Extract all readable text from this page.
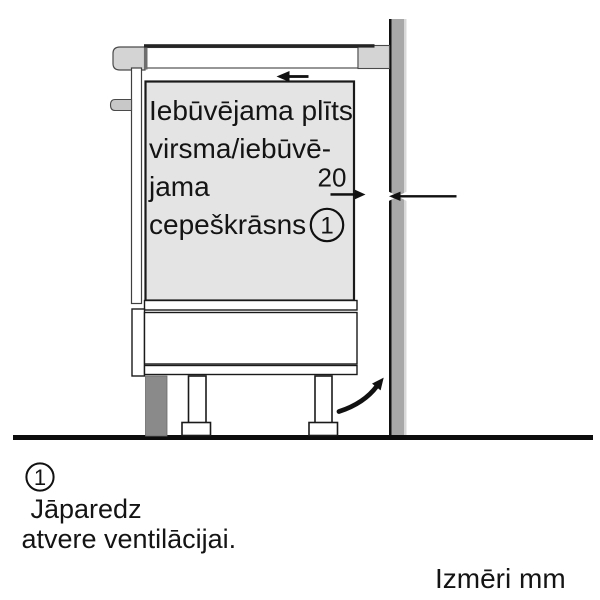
Iebūvējama plīts
virsma/iebūvē-
jama
cepeškrāsns
20
1
1
Jāparedz
atvere ventilācijai.
Izmēri mm
